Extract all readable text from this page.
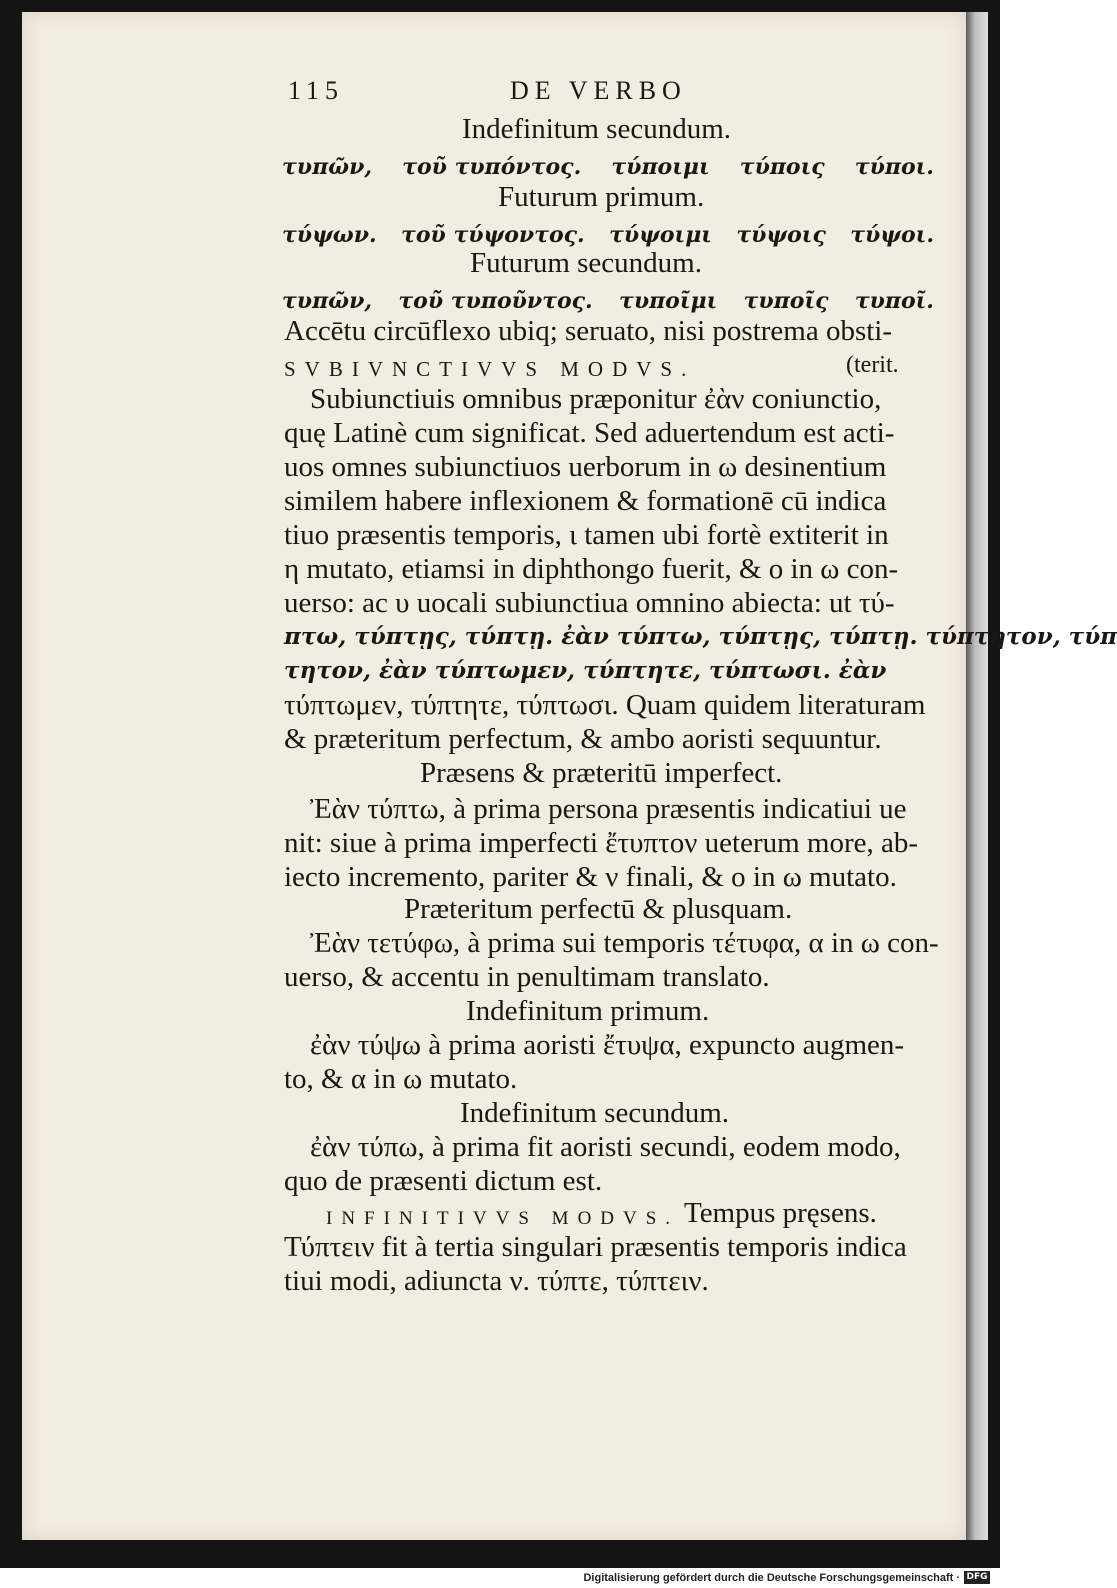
115	DE VERBO
Indefinitum secundum.
τυπῶν, τοῦ τυπόντος. τύποιμι τύποις τύποι.
Futurum primum.
τύψων. τοῦ τύψοντος. τύψοιμι τύψοις τύψοι.
Futurum secundum.
τυπῶν, τοῦ τυποῦντος. τυποῖμι τυποῖς τυποῖ.
Accētu circūflexo ubiq; seruato, nisi postrema obsti-
SVBIVNCTIVVS MODVS.	(terit.
Subiunctiuis omnibus præponitur ἐὰν coniunctio,
quę Latinè cum significat. Sed aduertendum est acti-
uos omnes subiunctiuos uerborum in ω desinentium
similem habere inflexionem & formationē cū indica
tiuo præsentis temporis, ι tamen ubi fortè extiterit in
η mutato, etiamsi in diphthongo fuerit, & ο in ω con-
uerso: ac υ uocali subiunctiua omnino abiecta: ut τύ-
πτω, τύπτῃς, τύπτῃ. ἐὰν τύπτω, τύπτῃς, τύπτῃ. τύπτητον, τύπ
τητον, ἐὰν τύπτωμεν, τύπτητε, τύπτωσι. ἐὰν
τύπτωμεν, τύπτητε, τύπτωσι. Quam quidem literaturam
& præteritum perfectum, & ambo aoristi sequuntur.
Præsens & præteritū imperfect.
Ἐὰν τύπτω, à prima persona præsentis indicatiui ue
nit: siue à prima imperfecti ἔτυπτον ueterum more, ab-
iecto incremento, pariter & ν finali, & ο in ω mutato.
Præteritum perfectū & plusquam.
Ἐὰν τετύφω, à prima sui temporis τέτυφα, α in ω con-
uerso, & accentu in penultimam translato.
Indefinitum primum.
ἐὰν τύψω à prima aoristi ἔτυψα, expuncto augmen-
to, & α in ω mutato.
Indefinitum secundum.
ἐὰν τύπω, à prima fit aoristi secundi, eodem modo,
quo de præsenti dictum est.
INFINITIVVS MODVS. Tempus pręsens.
Τύπτειν fit à tertia singulari præsentis temporis indica
tiui modi, adiuncta ν. τύπτε, τύπτειν.
Digitalisierung gefördert durch die Deutsche Forschungsgemeinschaft · DFG
